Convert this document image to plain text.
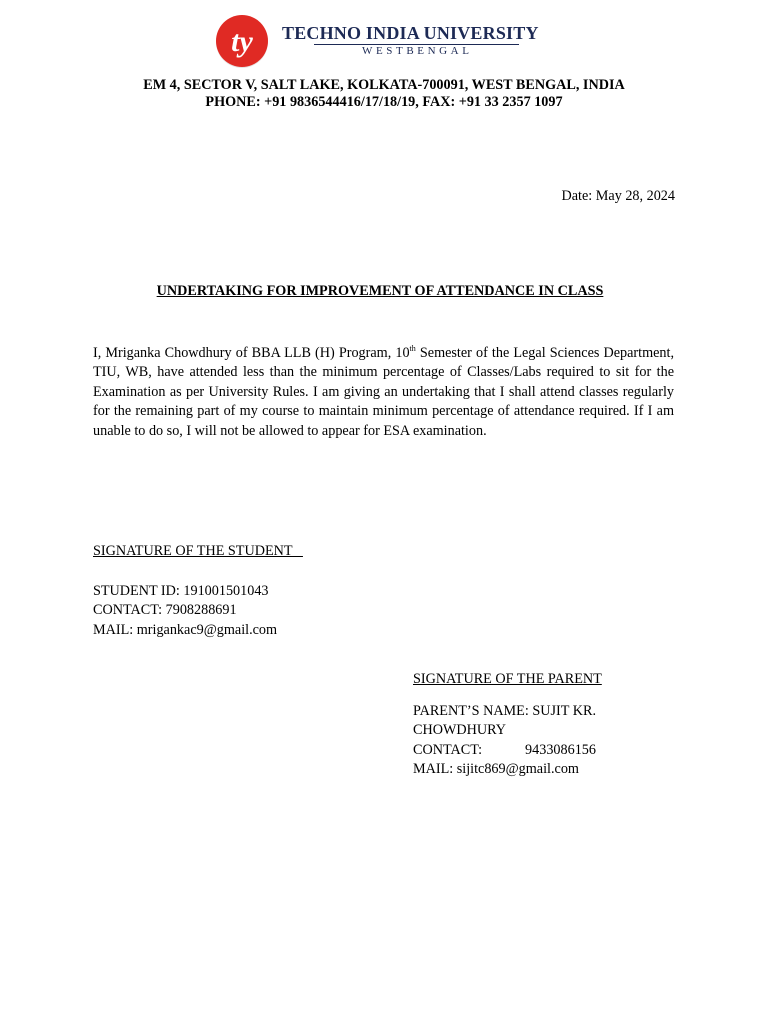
ty TECHNO INDIA UNIVERSITY
WESTBENGAL
EM 4, SECTOR V, SALT LAKE, KOLKATA-700091, WEST BENGAL, INDIA
PHONE: +91 9836544416/17/18/19, FAX: +91 33 2357 1097
Date: May 28, 2024
UNDERTAKING FOR IMPROVEMENT OF ATTENDANCE IN CLASS
I, Mriganka Chowdhury of BBA LLB (H) Program, 10th Semester of the Legal Sciences Department, TIU, WB, have attended less than the minimum percentage of Classes/Labs required to sit for the Examination as per University Rules. I am giving an undertaking that I shall attend classes regularly for the remaining part of my course to maintain minimum percentage of attendance required. If I am unable to do so, I will not be allowed to appear for ESA examination.
SIGNATURE OF THE STUDENT
STUDENT ID: 191001501043
CONTACT: 7908288691
MAIL: mrigankac9@gmail.com
SIGNATURE OF THE PARENT
PARENT’S NAME: SUJIT KR. CHOWDHURY
CONTACT: 9433086156
MAIL: sijitc869@gmail.com
